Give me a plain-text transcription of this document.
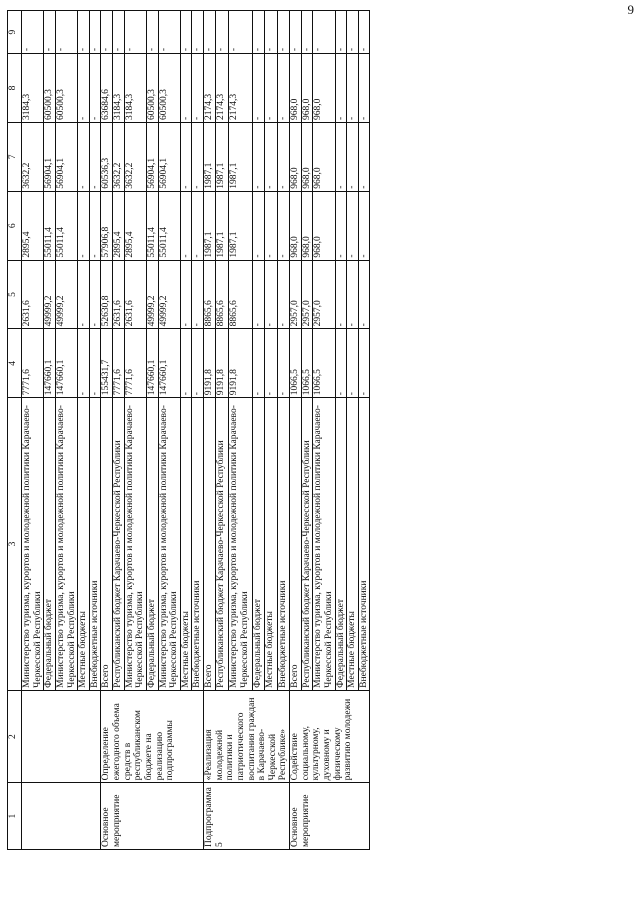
9
1	2	3	4	5	6	7	8	9
		Министерство туризма, курортов и молодежной политики Карачаево-Черкесской Республики	7771,6	2631,6	2895,4	3632,2	3184,3	-
		Федеральный бюджет	147660,1	49999,2	55011,4	56904,1	60500,3	-
		Министерство туризма, курортов и молодежной политики Карачаево-Черкесской Республики	147660,1	49999,2	55011,4	56904,1	60500,3	-
		Местные бюджеты	-	-	-	-	-	-
		Внебюджетные источники	-	-	-	-	-	-
Основное мероприятие	Определение ежегодного объема средств в республиканском бюджете на реализацию подпрограммы	Всего	155431,7	52630,8	57906,8	60536,3	63684,6	-
		Республиканский бюджет Карачаево-Черкесской Республики	7771,6	2631,6	2895,4	3632,2	3184,3	-
		Министерство туризма, курортов и молодежной политики Карачаево-Черкесской Республики	7771,6	2631,6	2895,4	3632,2	3184,3	-
		Федеральный бюджет	147660,1	49999,2	55011,4	56904,1	60500,3	-
		Министерство туризма, курортов и молодежной политики Карачаево-Черкесской Республики	147660,1	49999,2	55011,4	56904,1	60500,3	-
		Местные бюджеты	-	-	-	-	-	-
		Внебюджетные источники	-	-	-	-	-	-
Подпрограмма 5	«Реализация молодежной политики и патриотического воспитания граждан в Карачаево-Черкесской Республике»	Всего	9191,8	8865,6	1987,1	1987,1	2174,3	-
		Республиканский бюджет Карачаево-Черкесской Республики	9191,8	8865,6	1987,1	1987,1	2174,3	-
		Министерство туризма, курортов и молодежной политики Карачаево-Черкесской Республики	9191,8	8865,6	1987,1	1987,1	2174,3	-
		Федеральный бюджет	-	-	-	-	-	-
		Местные бюджеты	-	-	-	-	-	-
		Внебюджетные источники	-	-	-	-	-	-
Основное мероприятие	Содействие социальному, культурному, духовному и физическому развитию молодежи	Всего	1066,5	2957,0	968,0	968,0	968,0	-
		Республиканский бюджет Карачаево-Черкесской Республики	1066,5	2957,0	968,0	968,0	968,0	-
		Министерство туризма, курортов и молодежной политики Карачаево-Черкесской Республики	1066,5	2957,0	968,0	968,0	968,0	-
		Федеральный бюджет	-	-	-	-	-	-
		Местные бюджеты	-	-	-	-	-	-
		Внебюджетные источники	-	-	-	-	-	-
